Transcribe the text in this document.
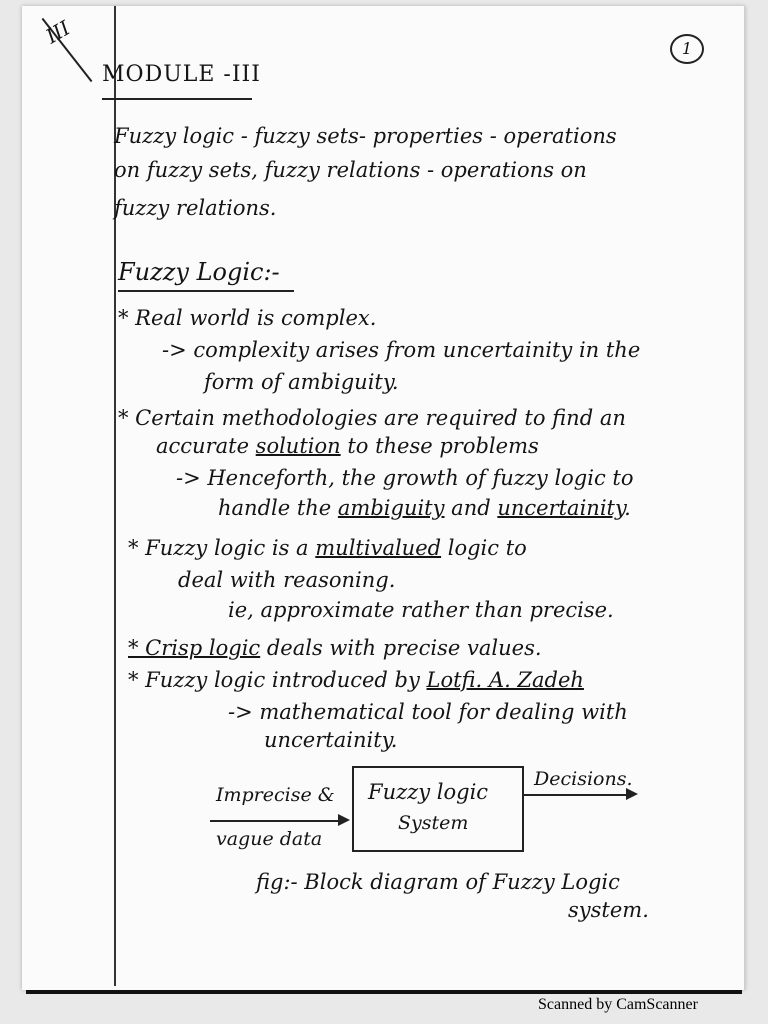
III
1
MODULE -III
Fuzzy logic - fuzzy sets- properties - operations
on fuzzy sets, fuzzy relations - operations on
fuzzy relations.
Fuzzy Logic:-
* Real world is complex.
-> complexity arises from uncertainity in the
form of ambiguity.
* Certain methodologies are required to find an
accurate solution to these problems
-> Henceforth, the growth of fuzzy logic to
handle the ambiguity and uncertainity.
* Fuzzy logic is a multivalued logic to
deal with reasoning.
ie, approximate rather than precise.
* Crisp logic deals with precise values.
* Fuzzy logic introduced by Lotfi. A. Zadeh
-> mathematical tool for dealing with
uncertainity.
Imprecise &
vague data
Fuzzy logic
System
Decisions.
fig:- Block diagram of Fuzzy Logic
system.
Scanned by CamScanner
